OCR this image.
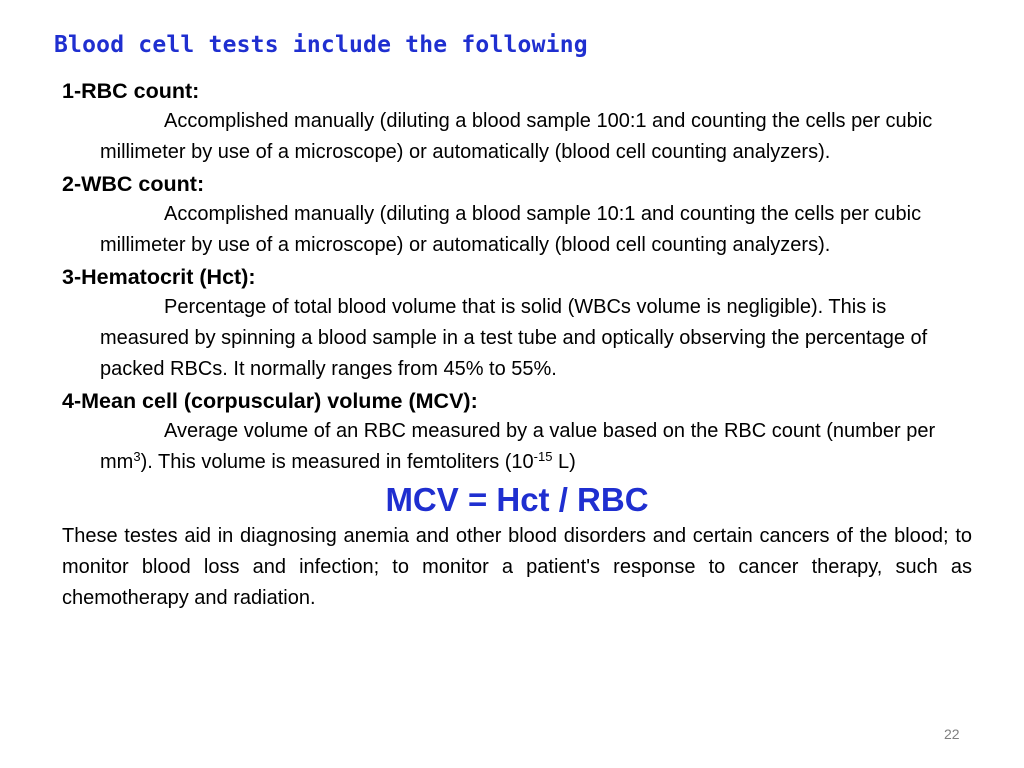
Blood cell tests include the following

1-RBC count:

Accomplished manually (diluting a blood sample 100:1 and counting the cells per cubic millimeter by use of a microscope) or automatically (blood cell counting analyzers).

2-WBC count:

Accomplished manually (diluting a blood sample 10:1 and counting the cells per cubic millimeter by use of a microscope) or automatically (blood cell counting analyzers).

3-Hematocrit (Hct):

Percentage of total blood volume that is solid (WBCs volume is negligible). This is measured by spinning a blood sample in a test tube and optically observing the percentage of packed RBCs. It normally ranges from 45% to 55%.

4-Mean cell (corpuscular) volume (MCV):

Average volume of an RBC measured by a value based on the RBC count (number per $mm^3$). This volume is measured in femtoliters ($10^{-15}$ L)

MCV = Hct / RBC

These testes aid in diagnosing anemia and other blood disorders and certain cancers of the blood; to monitor blood loss and infection; to monitor a patient's response to cancer therapy, such as chemotherapy and radiation.

22
